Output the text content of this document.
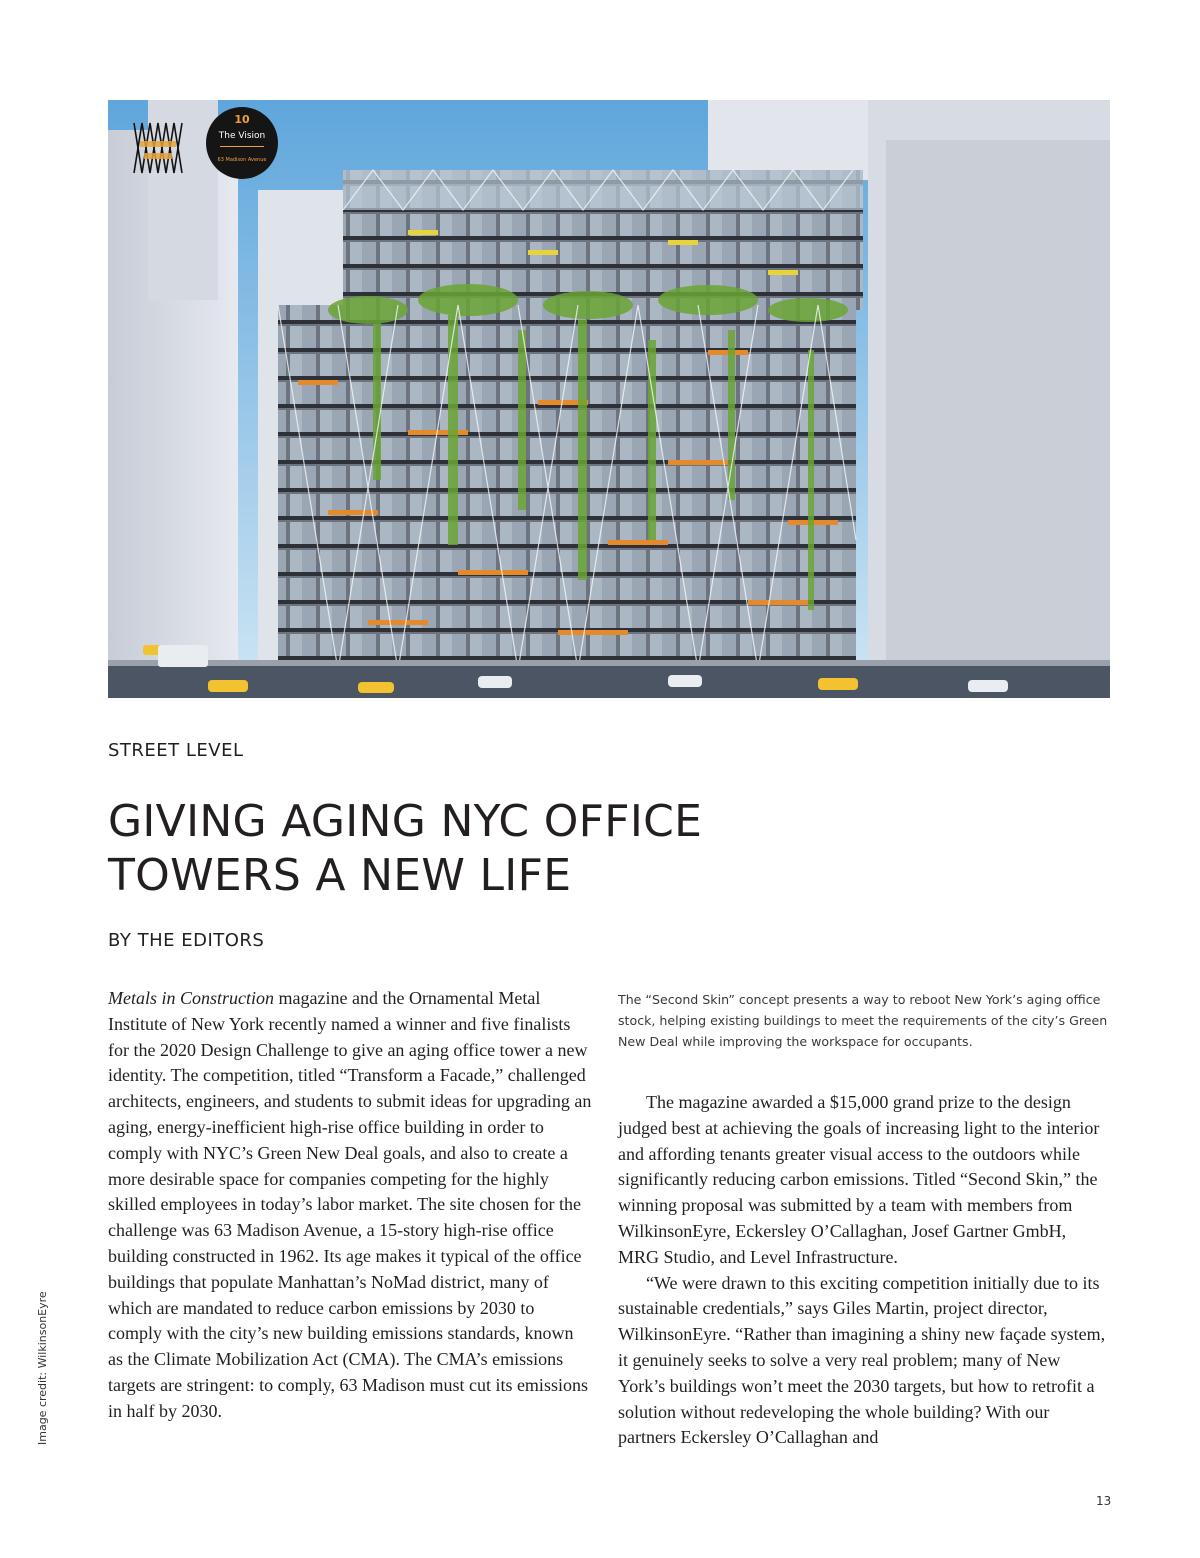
10
The Vision
63 Madison Avenue
STREET LEVEL
GIVING AGING NYC OFFICE
TOWERS A NEW LIFE
BY THE EDITORS

Metals in Construction magazine and the Ornamental Metal Institute of New York recently named a winner and five finalists for the 2020 Design Challenge to give an aging office tower a new identity. The competition, titled “Transform a Facade,” challenged architects, engineers, and students to submit ideas for upgrading an aging, energy-inefficient high-rise office building in order to comply with NYC’s Green New Deal goals, and also to create a more desirable space for companies competing for the highly skilled employees in today’s labor market. The site chosen for the challenge was 63 Madison Avenue, a 15-story high-rise office building constructed in 1962. Its age makes it typical of the office buildings that populate Manhattan’s NoMad district, many of which are mandated to reduce carbon emissions by 2030 to comply with the city’s new building emissions standards, known as the Climate Mobilization Act (CMA). The CMA’s emissions targets are stringent: to comply, 63 Madison must cut its emissions in half by 2030.

The “Second Skin” concept presents a way to reboot New York’s aging office stock, helping existing buildings to meet the requirements of the city’s Green New Deal while improving the workspace for occupants.

The magazine awarded a $15,000 grand prize to the design judged best at achieving the goals of increasing light to the interior and affording tenants greater visual access to the outdoors while significantly reducing carbon emissions. Titled “Second Skin,” the winning proposal was submitted by a team with members from WilkinsonEyre, Eckersley O’Callaghan, Josef Gartner GmbH, MRG Studio, and Level Infrastructure.

“We were drawn to this exciting competition initially due to its sustainable credentials,” says Giles Martin, project director, WilkinsonEyre. “Rather than imagining a shiny new façade system, it genuinely seeks to solve a very real problem; many of New York’s buildings won’t meet the 2030 targets, but how to retrofit a solution without redeveloping the whole building? With our partners Eckersley O’Callaghan and

Image credit: WilkinsonEyre
13
